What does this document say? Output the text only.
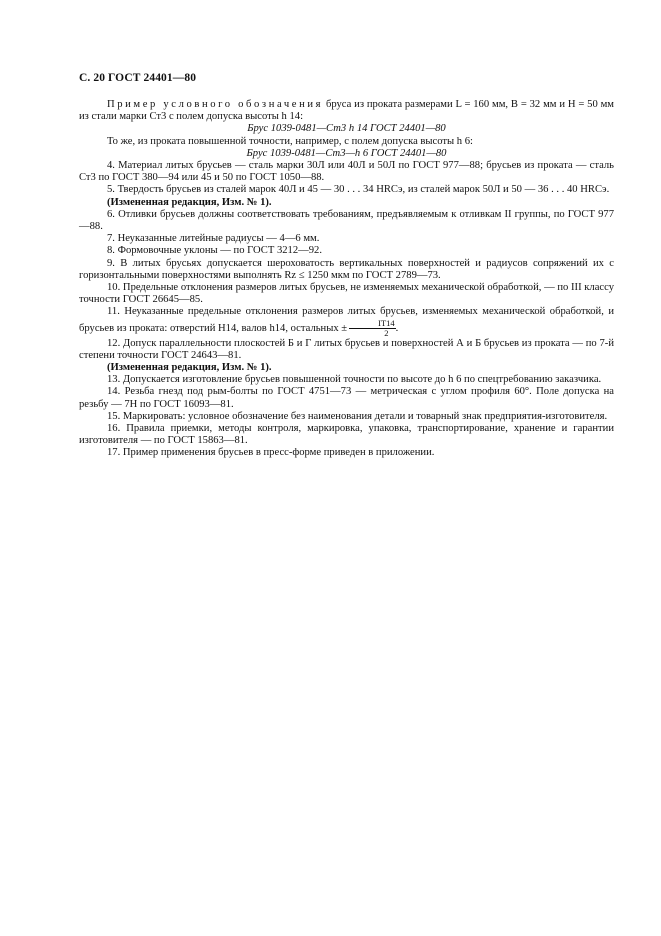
С. 20 ГОСТ 24401—80

Пример условного обозначения бруса из проката размерами L = 160 мм, B = 32 мм и H = 50 мм из стали марки Ст3 с полем допуска высоты h 14:

Брус 1039-0481—Ст3 h 14 ГОСТ 24401—80

То же, из проката повышенной точности, например, с полем допуска высоты h 6:

Брус 1039-0481—Ст3—h 6 ГОСТ 24401—80

4. Материал литых брусьев — сталь марки 30Л или 40Л и 50Л по ГОСТ 977—88; брусьев из проката — сталь Ст3 по ГОСТ 380—94 или 45 и 50 по ГОСТ 1050—88.

5. Твердость брусьев из сталей марок 40Л и 45 — 30 . . . 34 HRCэ, из сталей марок 50Л и 50 — 36 . . . 40 HRCэ.

(Измененная редакция, Изм. № 1).

6. Отливки брусьев должны соответствовать требованиям, предъявляемым к отливкам II группы, по ГОСТ 977—88.

7. Неуказанные литейные радиусы — 4—6 мм.

8. Формовочные уклоны — по ГОСТ 3212—92.

9. В литых брусьях допускается шероховатость вертикальных поверхностей и радиусов сопряжений их с горизонтальными поверхностями выполнять Rz ≤ 1250 мкм по ГОСТ 2789—73.

10. Предельные отклонения размеров литых брусьев, не изменяемых механической обработкой, — по III классу точности ГОСТ 26645—85.

11. Неуказанные предельные отклонения размеров литых брусьев, изменяемых механической обработкой, и брусьев из проката: отверстий H14, валов h14, остальных ± $\frac{IT14}{2}$ .

12. Допуск параллельности плоскостей Б и Г литых брусьев и поверхностей А и Б брусьев из проката — по 7-й степени точности ГОСТ 24643—81.

(Измененная редакция, Изм. № 1).

13. Допускается изготовление брусьев повышенной точности по высоте до h 6 по спецтребованию заказчика.

14. Резьба гнезд под рым-болты по ГОСТ 4751—73 — метрическая с углом профиля 60°. Поле допуска на резьбу — 7H по ГОСТ 16093—81.

15. Маркировать: условное обозначение без наименования детали и товарный знак предприятия-изготовителя.

16. Правила приемки, методы контроля, маркировка, упаковка, транспортирование, хранение и гарантии изготовителя — по ГОСТ 15863—81.

17. Пример применения брусьев в пресс-форме приведен в приложении.
